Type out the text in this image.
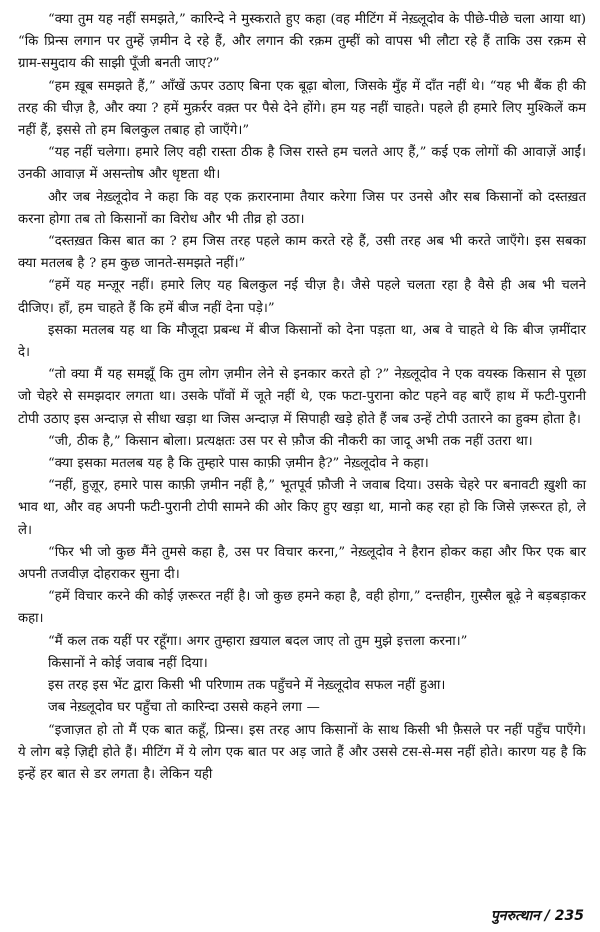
“क्या तुम यह नहीं समझते,” कारिन्दे ने मुस्कराते हुए कहा (वह मीटिंग में नेख़्लूदोव के पीछे-पीछे चला आया था) “कि प्रिन्स लगान पर तुम्हें ज़मीन दे रहे हैं, और लगान की रक़म तुम्हीं को वापस भी लौटा रहे हैं ताकि उस रक़म से ग्राम-समुदाय की साझी पूँजी बनती जाए?”

“हम ख़ूब समझते हैं,” आँखें ऊपर उठाए बिना एक बूढ़ा बोला, जिसके मुँह में दाँत नहीं थे। “यह भी बैंक ही की तरह की चीज़ है, और क्या ? हमें मुक़र्रर वक़्त पर पैसे देने होंगे। हम यह नहीं चाहते। पहले ही हमारे लिए मुश्किलें कम नहीं हैं, इससे तो हम बिलकुल तबाह हो जाएँगे।”

“यह नहीं चलेगा। हमारे लिए वही रास्ता ठीक है जिस रास्ते हम चलते आए हैं,” कई एक लोगों की आवाज़ें आईं। उनकी आवाज़ में असन्तोष और धृष्टता थी।

और जब नेख़्लूदोव ने कहा कि वह एक क़रारनामा तैयार करेगा जिस पर उनसे और सब किसानों को दस्तख़त करना होगा तब तो किसानों का विरोध और भी तीव्र हो उठा।

“दस्तख़त किस बात का ? हम जिस तरह पहले काम करते रहे हैं, उसी तरह अब भी करते जाएँगे। इस सबका क्या मतलब है ? हम कुछ जानते-समझते नहीं।”

“हमें यह मन्ज़ूर नहीं। हमारे लिए यह बिलकुल नई चीज़ है। जैसे पहले चलता रहा है वैसे ही अब भी चलने दीजिए। हाँ, हम चाहते हैं कि हमें बीज नहीं देना पड़े।”

इसका मतलब यह था कि मौजूदा प्रबन्ध में बीज किसानों को देना पड़ता था, अब वे चाहते थे कि बीज ज़मींदार दे।

“तो क्या मैं यह समझूँ कि तुम लोग ज़मीन लेने से इनकार करते हो ?” नेख़्लूदोव ने एक वयस्क किसान से पूछा जो चेहरे से समझदार लगता था। उसके पाँवों में जूते नहीं थे, एक फटा-पुराना कोट पहने वह बाएँ हाथ में फटी-पुरानी टोपी उठाए इस अन्दाज़ से सीधा खड़ा था जिस अन्दाज़ में सिपाही खड़े होते हैं जब उन्हें टोपी उतारने का हुक्म होता है।

“जी, ठीक है,” किसान बोला। प्रत्यक्षतः उस पर से फ़ौज की नौकरी का जादू अभी तक नहीं उतरा था।

“क्या इसका मतलब यह है कि तुम्हारे पास काफ़ी ज़मीन है?” नेख़्लूदोव ने कहा।

“नहीं, हुज़ूर, हमारे पास काफ़ी ज़मीन नहीं है,” भूतपूर्व फ़ौजी ने जवाब दिया। उसके चेहरे पर बनावटी ख़ुशी का भाव था, और वह अपनी फटी-पुरानी टोपी सामने की ओर किए हुए खड़ा था, मानो कह रहा हो कि जिसे ज़रूरत हो, ले ले।

“फिर भी जो कुछ मैंने तुमसे कहा है, उस पर विचार करना,” नेख़्लूदोव ने हैरान होकर कहा और फिर एक बार अपनी तजवीज़ दोहराकर सुना दी।

“हमें विचार करने की कोई ज़रूरत नहीं है। जो कुछ हमने कहा है, वही होगा,” दन्तहीन, ग़ुस्सैल बूढ़े ने बड़बड़ाकर कहा।

“मैं कल तक यहीं पर रहूँगा। अगर तुम्हारा ख़याल बदल जाए तो तुम मुझे इत्तला करना।”

किसानों ने कोई जवाब नहीं दिया।

इस तरह इस भेंट द्वारा किसी भी परिणाम तक पहुँचने में नेख़्लूदोव सफल नहीं हुआ।

जब नेख़्लूदोव घर पहुँचा तो कारिन्दा उससे कहने लगा —

“इजाज़त हो तो मैं एक बात कहूँ, प्रिन्स। इस तरह आप किसानों के साथ किसी भी फ़ैसले पर नहीं पहुँच पाएँगे। ये लोग बड़े ज़िद्दी होते हैं। मीटिंग में ये लोग एक बात पर अड़ जाते हैं और उससे टस-से-मस नहीं होते। कारण यह है कि इन्हें हर बात से डर लगता है। लेकिन यही

पुनरुत्थान / 235
